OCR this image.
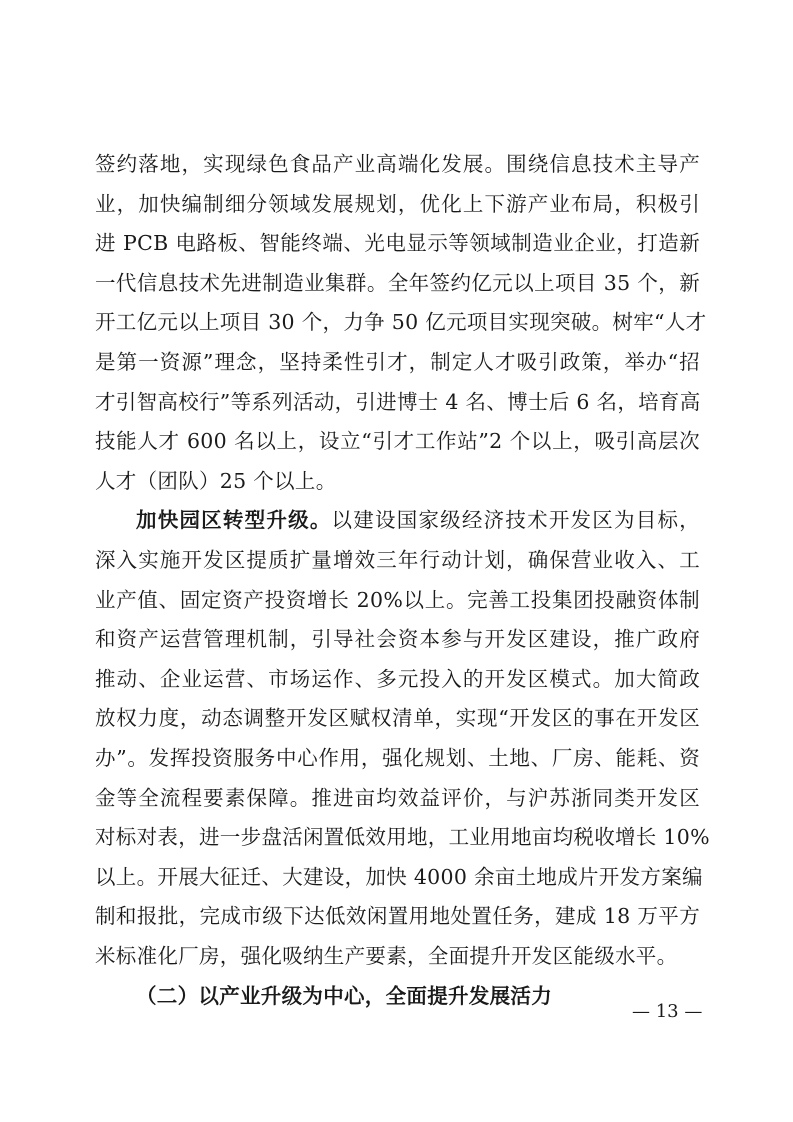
签约落地，实现绿色食品产业高端化发展。围绕信息技术主导产
业，加快编制细分领域发展规划，优化上下游产业布局，积极引
进 PCB 电路板、智能终端、光电显示等领域制造业企业，打造新
一代信息技术先进制造业集群。全年签约亿元以上项目 35 个，新
开工亿元以上项目 30 个，力争 50 亿元项目实现突破。树牢“人才
是第一资源”理念，坚持柔性引才，制定人才吸引政策，举办“招
才引智高校行”等系列活动，引进博士 4 名、博士后 6 名，培育高
技能人才 600 名以上，设立“引才工作站”2 个以上，吸引高层次
人才（团队）25 个以上。
加快园区转型升级。以建设国家级经济技术开发区为目标，
深入实施开发区提质扩量增效三年行动计划，确保营业收入、工
业产值、固定资产投资增长 20%以上。完善工投集团投融资体制
和资产运营管理机制，引导社会资本参与开发区建设，推广政府
推动、企业运营、市场运作、多元投入的开发区模式。加大简政
放权力度，动态调整开发区赋权清单，实现“开发区的事在开发区
办”。发挥投资服务中心作用，强化规划、土地、厂房、能耗、资
金等全流程要素保障。推进亩均效益评价，与沪苏浙同类开发区
对标对表，进一步盘活闲置低效用地，工业用地亩均税收增长 10%
以上。开展大征迁、大建设，加快 4000 余亩土地成片开发方案编
制和报批，完成市级下达低效闲置用地处置任务，建成 18 万平方
米标准化厂房，强化吸纳生产要素，全面提升开发区能级水平。
（二）以产业升级为中心，全面提升发展活力
— 13 —
